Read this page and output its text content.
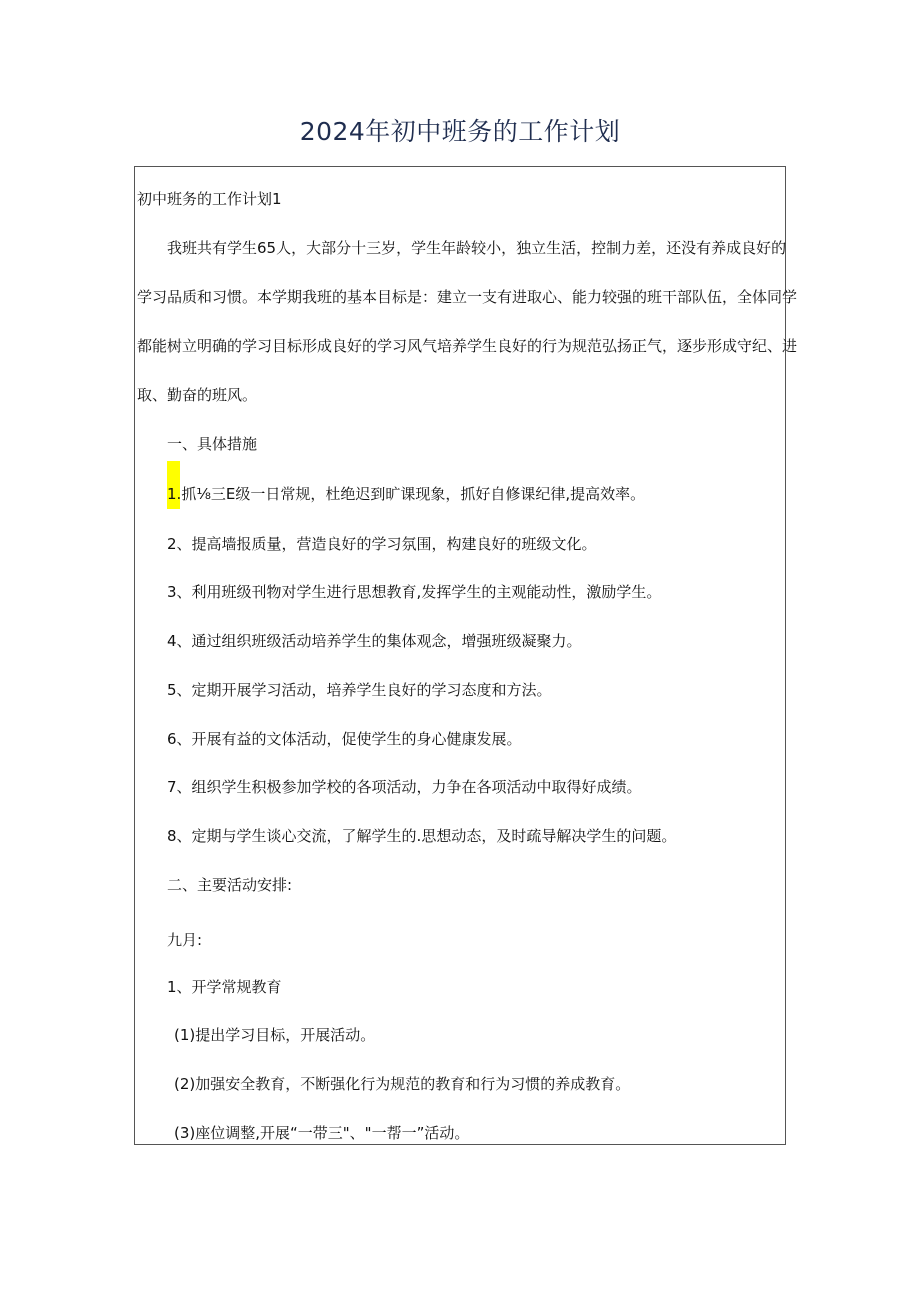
2024年初中班务的工作计划
初中班务的工作计划1
我班共有学生65人，大部分十三岁，学生年龄较小，独立生活，控制力差，还没有养成良好的
学习品质和习惯。本学期我班的基本目标是：建立一支有进取心、能力较强的班干部队伍，全体同学
都能树立明确的学习目标形成良好的学习风气培养学生良好的行为规范弘扬正气，逐步形成守纪、进
取、勤奋的班风。
一、具体措施
1.抓⅛三E级一日常规，杜绝迟到旷课现象，抓好自修课纪律,提高效率。
2、提高墙报质量，营造良好的学习氛围，构建良好的班级文化。
3、利用班级刊物对学生进行思想教育,发挥学生的主观能动性，激励学生。
4、通过组织班级活动培养学生的集体观念，增强班级凝聚力。
5、定期开展学习活动，培养学生良好的学习态度和方法。
6、开展有益的文体活动，促使学生的身心健康发展。
7、组织学生积极参加学校的各项活动，力争在各项活动中取得好成绩。
8、定期与学生谈心交流，了解学生的.思想动态，及时疏导解决学生的问题。
二、主要活动安排:
九月:
1、开学常规教育
(1)提出学习目标，开展活动。
(2)加强安全教育，不断强化行为规范的教育和行为习惯的养成教育。
(3)座位调整,开展“一带三"、"一帮一”活动。
